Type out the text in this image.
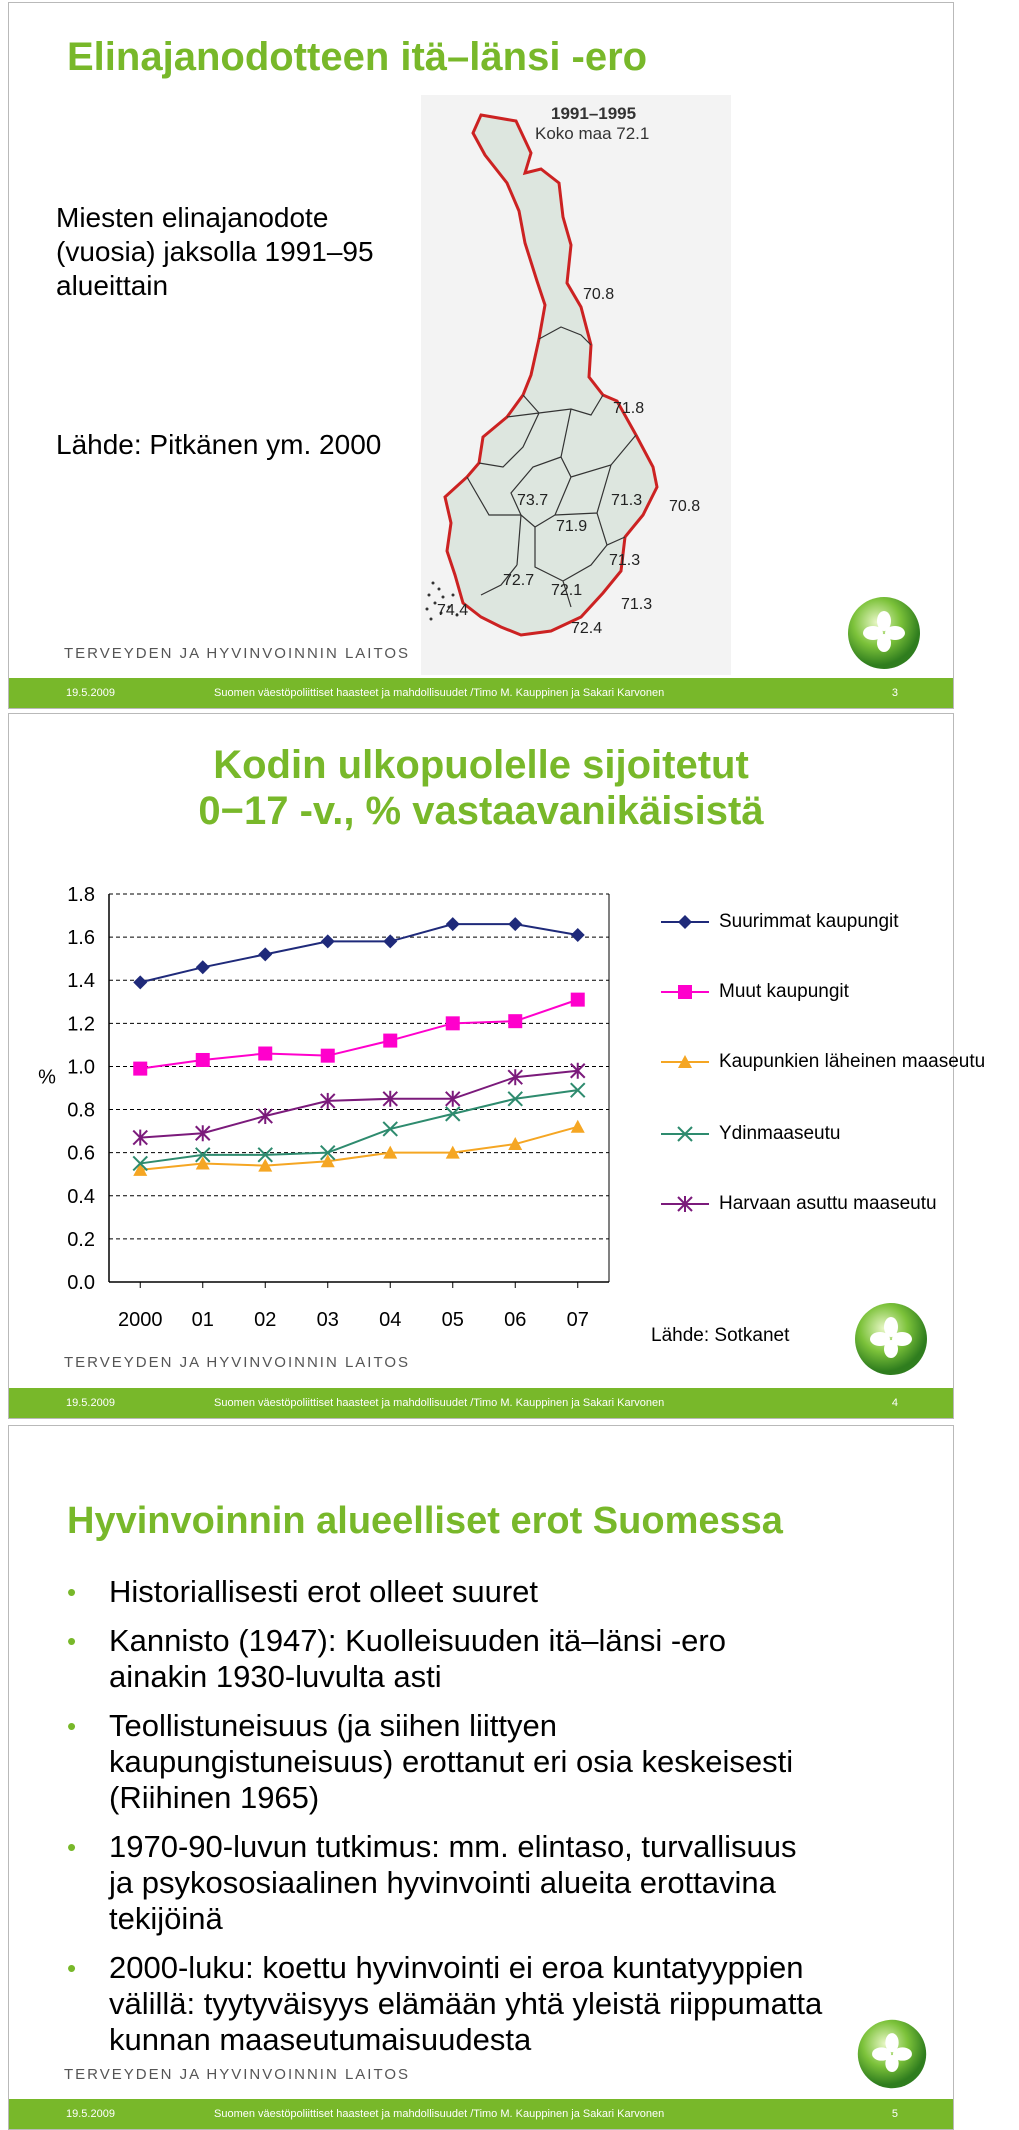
Elinajanodotteen itä–länsi -ero
Miesten elinajanodote
(vuosia) jaksolla 1991–95
alueittain
Lähde: Pitkänen ym. 2000
1991–1995
Koko maa 72.1
70.8
71.8
73.7	71.3 70.8
71.9
71.3
72.7
72.1
74.4	71.3
72.4
TERVEYDEN JA HYVINVOINNIN LAITOS
19.5.2009	Suomen väestöpoliittiset haasteet ja mahdollisuudet /Timo M. Kauppinen ja Sakari Karvonen	3
Kodin ulkopuolelle sijoitetut
0−17 -v., % vastaavanikäisistä
0.0
0.2
0.4
0.6
0.8
1.0
1.2
1.4
1.6
1.8
2000 01 02 03 04 05 06 07
%
Suurimmat kaupungit
Muut kaupungit
Kaupunkien läheinen maaseutu
Ydinmaaseutu
Harvaan asuttu maaseutu
Lähde: Sotkanet
TERVEYDEN JA HYVINVOINNIN LAITOS
19.5.2009	Suomen väestöpoliittiset haasteet ja mahdollisuudet /Timo M. Kauppinen ja Sakari Karvonen	4
Hyvinvoinnin alueelliset erot Suomessa
• Historiallisesti erot olleet suuret
• Kannisto (1947): Kuolleisuuden itä–länsi -ero
ainakin 1930-luvulta asti
• Teollistuneisuus (ja siihen liittyen
kaupungistuneisuus) erottanut eri osia keskeisesti
(Riihinen 1965)
• 1970-90-luvun tutkimus: mm. elintaso, turvallisuus
ja psykososiaalinen hyvinvointi alueita erottavina
tekijöinä
• 2000-luku: koettu hyvinvointi ei eroa kuntatyyppien
välillä: tyytyväisyys elämään yhtä yleistä riippumatta
kunnan maaseutumaisuudesta
TERVEYDEN JA HYVINVOINNIN LAITOS
19.5.2009	Suomen väestöpoliittiset haasteet ja mahdollisuudet /Timo M. Kauppinen ja Sakari Karvonen	5
